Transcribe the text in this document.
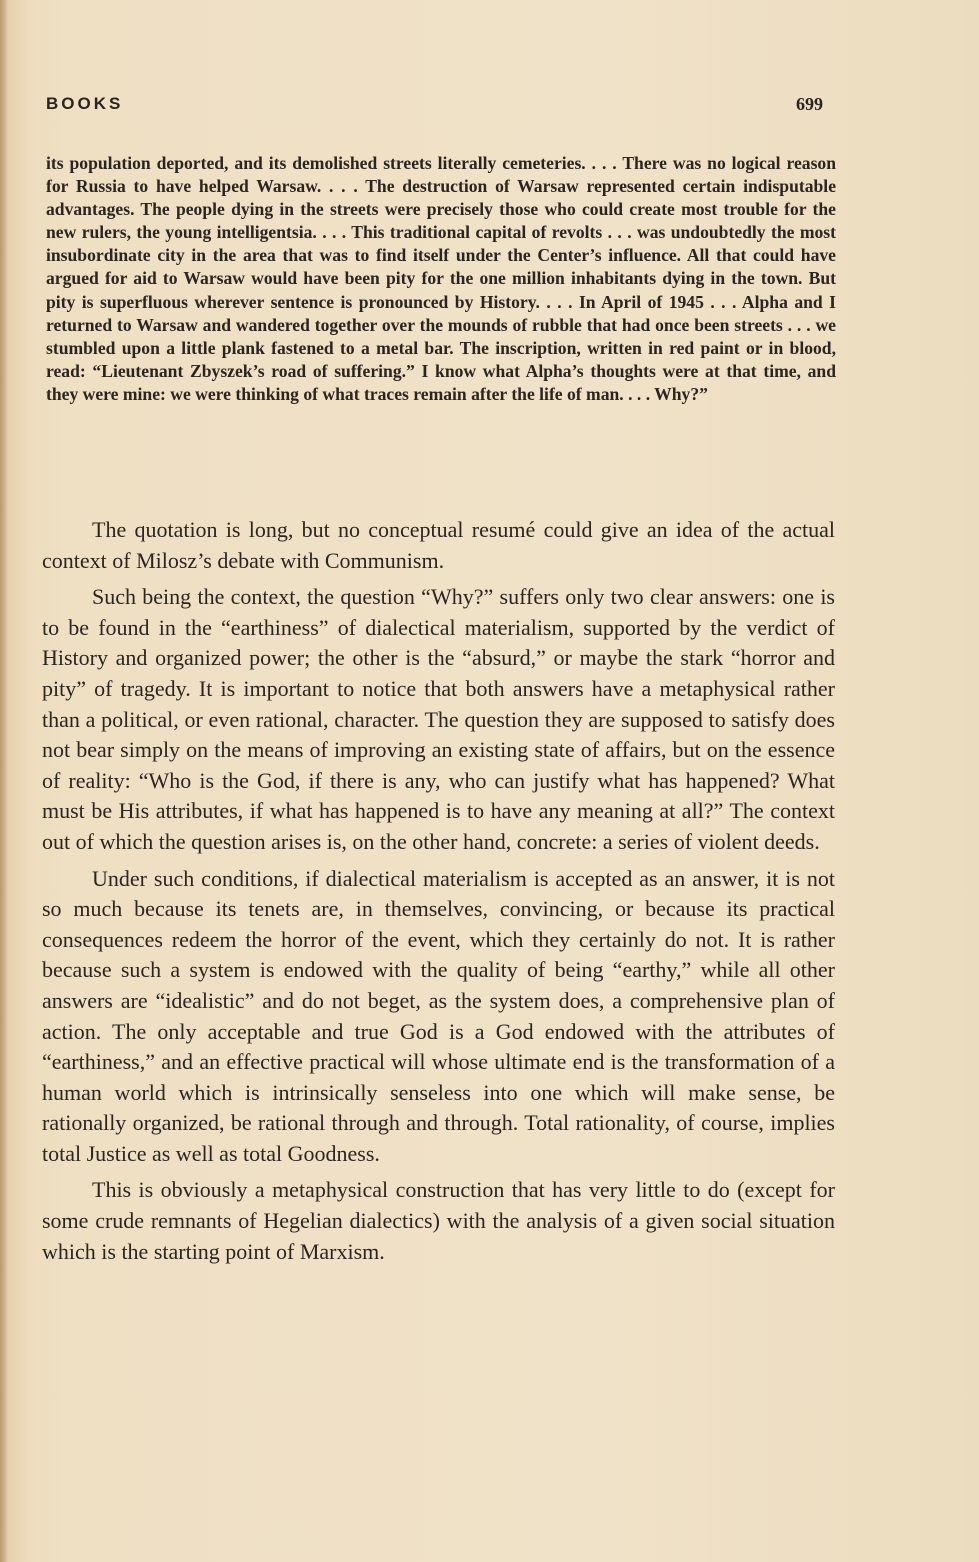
BOOKS	699

its population deported, and its demolished streets literally cemeteries. . . . There was no logical reason for Russia to have helped Warsaw. . . . The destruction of Warsaw represented certain indisputable advantages. The people dying in the streets were precisely those who could create most trouble for the new rulers, the young intelligentsia. . . . This traditional capital of revolts . . . was undoubtedly the most insubordinate city in the area that was to find itself under the Center’s influence. All that could have argued for aid to Warsaw would have been pity for the one million inhabitants dying in the town. But pity is superfluous wherever sentence is pronounced by History. . . . In April of 1945 . . . Alpha and I returned to Warsaw and wandered together over the mounds of rubble that had once been streets . . . we stumbled upon a little plank fastened to a metal bar. The inscription, written in red paint or in blood, read: “Lieutenant Zbyszek’s road of suffering.” I know what Alpha’s thoughts were at that time, and they were mine: we were thinking of what traces remain after the life of man. . . . Why?”

The quotation is long, but no conceptual resumé could give an idea of the actual context of Milosz’s debate with Communism.

Such being the context, the question “Why?” suffers only two clear answers: one is to be found in the “earthiness” of dialectical materialism, supported by the verdict of History and organized power; the other is the “absurd,” or maybe the stark “horror and pity” of tragedy. It is important to notice that both answers have a metaphysical rather than a political, or even rational, character. The question they are supposed to satisfy does not bear simply on the means of improving an existing state of affairs, but on the essence of reality: “Who is the God, if there is any, who can justify what has happened? What must be His attributes, if what has happened is to have any meaning at all?” The context out of which the question arises is, on the other hand, concrete: a series of violent deeds.

Under such conditions, if dialectical materialism is accepted as an answer, it is not so much because its tenets are, in themselves, convincing, or because its practical consequences redeem the horror of the event, which they certainly do not. It is rather because such a system is endowed with the quality of being “earthy,” while all other answers are “idealistic” and do not beget, as the system does, a comprehensive plan of action. The only acceptable and true God is a God endowed with the attributes of “earthiness,” and an effective practical will whose ultimate end is the transformation of a human world which is intrinsically senseless into one which will make sense, be rationally organized, be rational through and through. Total rationality, of course, implies total Justice as well as total Goodness.

This is obviously a metaphysical construction that has very little to do (except for some crude remnants of Hegelian dialectics) with the analysis of a given social situation which is the starting point of Marxism.
